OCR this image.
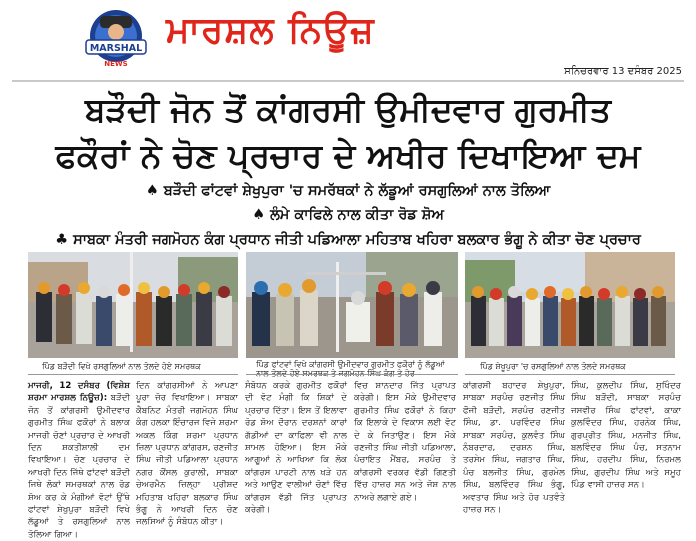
MARSHAL
NEWS
ਮਾਰਸ਼ਲ ਨਿਊਜ਼
ਸਨਿਚਰਵਾਰ 13 ਦਸੰਬਰ 2025
ਬੜੌਦੀ ਜੋਨ ਤੋਂ ਕਾਂਗਰਸੀ ਉਮੀਦਵਾਰ ਗੁਰਮੀਤ
ਫਕੌਰਾਂ ਨੇ ਚੋਣ ਪ੍ਰਚਾਰ ਦੇ ਅਖੀਰ ਦਿਖਾਇਆ ਦਮ
♠ ਬੜੌਦੀ ਫਾਂਟਵਾਂ ਸ਼ੇਖੁਪੁਰਾ 'ਚ ਸਮਰੱਥਕਾਂ ਨੇ ਲੱਡੂਆਂ ਰਸਗੁਲਿਆਂ ਨਾਲ ਤੋਲਿਆ
♠ ਲੰਮੇ ਕਾਫਿਲੇ ਨਾਲ ਕੀਤਾ ਰੋਡ ਸ਼ੋਅ
♣ ਸਾਬਕਾ ਮੰਤਰੀ ਜਗਮੋਹਨ ਕੰਗ ਪ੍ਰਧਾਨ ਜੀਤੀ ਪਡਿਆਲਾ ਮਹਿਤਾਬ ਖਹਿਰਾ ਬਲਕਾਰ ਭੰਗੂ ਨੇ ਕੀਤਾ ਚੋਣ ਪ੍ਰਚਾਰ
ਪਿੰਡ ਬੜੌਦੀ ਵਿਖੇ ਰਸਗੁਲਿਆਂ ਨਾਲ ਤੋਲਦੇ ਹੋਏ ਸਮਰਥਕ	ਪਿੰਡ ਫਾਂਟਵਾਂ ਵਿਖੇ ਕਾਂਗਰਸੀ ਉਮੀਦਵਾਰ ਗੁਰਮੀਤ ਫਕੌਰਾਂ ਨੂੰ ਲੱਡੂਆਂ	ਪਿੰਡ ਸ਼ੇਖੂਪੁਰਾ 'ਚ ਰਸਗੁਲਿਆਂ ਨਾਲ ਤੋਲਦੇ ਸਮਰਥਕ
ਮਾਜਰੀ, 12 ਦਸੰਬਰ (ਵਿਸ਼ੇਸ਼ ਸ਼ਰਮਾ ਮਾਰਸ਼ਲ ਨਿਊਜ਼): ਬੜੌਦੀ ਜੋਨ ਤੋਂ ਕਾਂਗਰਸੀ ਉਮੀਦਵਾਰ ਗੁਰਮੀਤ ਸਿੰਘ ਫਕੌਰਾਂ ਨੇ ਬਲਾਕ ਮਾਜਰੀ ਚੋਣਾਂ ਪ੍ਰਚਾਰ ਦੇ ਆਖਰੀ ਦਿਨ ਸ਼ਕਤੀਸ਼ਾਲੀ ਦਮ ਵਿਖਾਇਆ। ਚੋਣ ਪ੍ਰਚਾਰ ਦੇ ਆਖਰੀ ਦਿਨ ਜਿੱਥੇ ਫਾਂਟਵਾਂ ਬੜੌਦੀ ਜਿਥੇ ਲੋਕਾਂ ਸਮਰਥਕਾਂ ਨਾਲ ਰੋਡ ਸ਼ੋਅ ਕਰ ਕੇ ਮੰਗੀਆਂ ਵੋਟਾਂ ਉੱਥੇ ਫਾਂਟਵਾਂ ਸ਼ੇਖੁਪੁਰਾ ਬੜੌਦੀ ਵਿਖੇ ਲੱਡੂਆਂ ਤੇ ਰਸਗੁਲਿਆਂ ਨਾਲ ਤੋਲਿਆ ਗਿਆ।
ਦਿਨ ਕਾਂਗਰਸੀਆਂ ਨੇ ਆਪਣਾ ਪੂਰਾ ਜ਼ੋਰ ਵਿਖਾਇਆ। ਸਾਬਕਾ ਕੈਬਨਿਟ ਮੰਤਰੀ ਜਗਮੋਹਨ ਸਿੰਘ ਕੰਗ ਹਲਕਾ ਇੰਚਾਰਜ ਵਿਜੇ ਸ਼ਰਮਾ ਅਕਲ ਕਿੰਗ ਸ਼ਰਮਾ ਪ੍ਰਧਾਨ ਜ਼ਿਲਾ ਪ੍ਰਧਾਨ ਕਾਂਗਰਸ, ਰਣਜੀਤ ਸਿੰਘ ਜੀਤੀ ਪਡਿਆਲਾ ਪ੍ਰਧਾਨ ਨਗਰ ਕੌਂਸਲ ਕੁਰਾਲੀ, ਸਾਬਕਾ ਚੇਅਰਮੈਨ ਜ਼ਿਲ੍ਹਾ ਪ੍ਰੀਸ਼ਦ ਮਹਿਤਾਬ ਖਹਿਰਾ ਬਲਕਾਰ ਸਿੰਘ ਭੰਗੂ ਨੇ ਆਖਰੀ ਦਿਨ ਚੋਣ ਜਲਸਿਆਂ ਨੂੰ ਸੰਬੋਧਨ ਕੀਤਾ।
ਸੰਬੋਧਨ ਕਰਕੇ ਗੁਰਮੀਤ ਫਕੌਰਾਂ ਦੀ ਵੋਟ ਮੰਗੀ ਕਿ ਸ਼ਿਕਾਂ ਦੇ ਪ੍ਰਚਾਰ ਦਿੱਤਾ। ਇਸ ਤੋਂ ਇਲਾਵਾ ਰੋਡ ਸ਼ੋਅ ਦੌਰਾਨ ਦਰਸ਼ਨਾਂ ਕਾਰਾਂ ਗੱਡੀਆਂ ਦਾ ਕਾਫਿਲਾ ਵੀ ਨਾਲ ਸ਼ਾਮਲ ਹੋਇਆ। ਇਸ ਮੌਕੇ ਆਗੂਆਂ ਨੇ ਆਖਿਆ ਕਿ ਲੋਕ ਕਾਂਗਰਸ ਪਾਰਟੀ ਨਾਲ ਖੜੇ ਹਨ ਅਤੇ ਆਉਣ ਵਾਲੀਆਂ ਚੋਣਾਂ ਵਿੱਚ ਕਾਂਗਰਸ ਵੱਡੀ ਜਿੱਤ ਪ੍ਰਾਪਤ ਕਰੇਗੀ।
ਵਿਚ ਸ਼ਾਨਦਾਰ ਜਿੱਤ ਪ੍ਰਾਪਤ ਕਰੇਗੀ। ਇਸ ਮੌਕੇ ਉਮੀਦਵਾਰ ਗੁਰਮੀਤ ਸਿੰਘ ਫਕੌਰਾਂ ਨੇ ਕਿਹਾ ਕਿ ਇਲਾਕੇ ਦੇ ਵਿਕਾਸ ਲਈ ਵੋਟ ਦੇ ਕੇ ਜਿਤਾਉਣ। ਇਸ ਮੌਕੇ ਰਣਜੀਤ ਸਿੰਘ ਜੀਤੀ ਪਡਿਆਲਾ, ਪੰਚਾਇਤ ਮੈਂਬਰ, ਸਰਪੰਚ ਤੇ ਕਾਂਗਰਸੀ ਵਰਕਰ ਵੱਡੀ ਗਿਣਤੀ ਵਿੱਚ ਹਾਜ਼ਰ ਸਨ ਅਤੇ ਜੋਸ਼ ਨਾਲ ਨਾਅਰੇ ਲਗਾਏ ਗਏ।
ਕਾਂਗਰਸੀ ਬਹਾਦਰ ਸ਼ੇਖੁਪੁਰਾ, ਸਾਬਕਾ ਸਰਪੰਚ ਰਣਜੀਤ ਸਿੰਘ ਫੌਜੀ ਬੜੌਦੀ, ਸਰਪੰਚ ਰਣਜੀਤ ਸਿੰਘ, ਡਾ. ਪਰਵਿੰਦਰ ਸਿੰਘ ਸਾਬਕਾ ਸਰਪੰਚ, ਕੁਲਵੰਤ ਸਿੰਘ ਨੰਬਰਦਾਰ, ਦਰਸ਼ਨ ਸਿੰਘ, ਤਰਸੇਮ ਸਿੰਘ, ਜਗਤਾਰ ਸਿੰਘ, ਪੰਚ ਬਲਜੀਤ ਸਿੰਘ, ਗੁਰਮੇਲ ਸਿੰਘ, ਬਲਵਿੰਦਰ ਸਿੰਘ ਭੰਗੂ, ਅਵਤਾਰ ਸਿੰਘ ਅਤੇ ਹੋਰ ਪਤਵੰਤੇ ਹਾਜ਼ਰ ਸਨ।
ਸਿੰਘ, ਕੁਲਦੀਪ ਸਿੰਘ, ਸੁਖਿੰਦਰ ਸਿੰਘ ਬੜੌਦੀ, ਸਾਬਕਾ ਸਰਪੰਚ ਜਸਵੀਰ ਸਿੰਘ ਫਾਂਟਵਾਂ, ਕਾਕਾ ਕੁਲਵਿੰਦਰ ਸਿੰਘ, ਹਰਨੇਕ ਸਿੰਘ, ਗੁਰਪ੍ਰੀਤ ਸਿੰਘ, ਮਨਜੀਤ ਸਿੰਘ, ਬਲਵਿੰਦਰ ਸਿੰਘ ਪੰਚ, ਸਤਨਾਮ ਸਿੰਘ, ਹਰਦੀਪ ਸਿੰਘ, ਨਿਰਮਲ ਸਿੰਘ, ਗੁਰਦੀਪ ਸਿੰਘ ਅਤੇ ਸਮੂਹ ਪਿੰਡ ਵਾਸੀ ਹਾਜ਼ਰ ਸਨ।
